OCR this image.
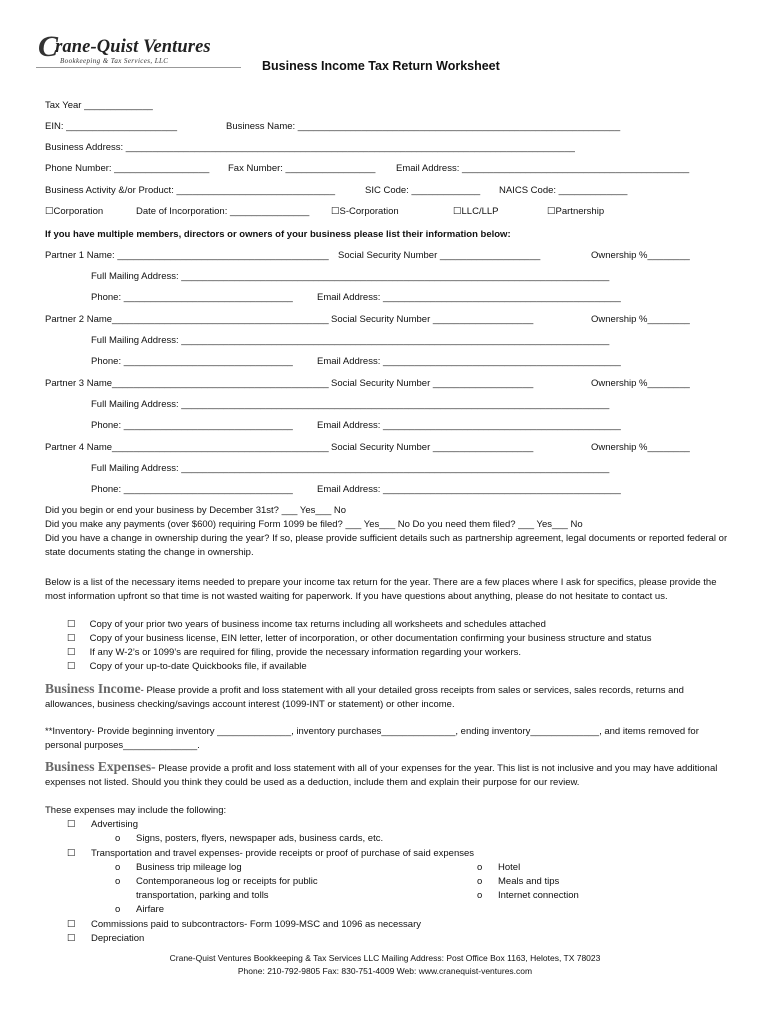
Crane-Quist Ventures
Bookkeeping & Tax Services, LLC	Business Income Tax Return Worksheet
Tax Year _____________
EIN: _____________________	Business Name: _____________________________________________________________
Business Address: _____________________________________________________________________________________
Phone Number: __________________ Fax Number: _________________ Email Address: ___________________________________________
Business Activity &/or Product: ______________________________	SIC Code: _____________ NAICS Code: _____________
☐Corporation	Date of Incorporation: _______________ ☐S-Corporation	☐LLC/LLP	☐Partnership
If you have multiple members, directors or owners of your business please list their information below:
Partner 1 Name: ________________________________________ Social Security Number ___________________	Ownership %________
Full Mailing Address: _________________________________________________________________________________
Phone: ________________________________	Email Address: _____________________________________________
Partner 2 Name_________________________________________ Social Security Number ___________________	Ownership %________
Full Mailing Address: _________________________________________________________________________________
Phone: ________________________________	Email Address: _____________________________________________
Partner 3 Name_________________________________________ Social Security Number ___________________	Ownership %________
Full Mailing Address: _________________________________________________________________________________
Phone: ________________________________	Email Address: _____________________________________________
Partner 4 Name_________________________________________ Social Security Number ___________________	Ownership %________
Full Mailing Address: _________________________________________________________________________________
Phone: ________________________________	Email Address: _____________________________________________
Did you begin or end your business by December 31st? ___ Yes___ No
Did you make any payments (over $600) requiring Form 1099 be filed? ___ Yes___ No Do you need them filed? ___ Yes___ No
Did you have a change in ownership during the year? If so, please provide sufficient details such as partnership agreement, legal documents or reported federal or state documents stating the change in ownership.
Below is a list of the necessary items needed to prepare your income tax return for the year. There are a few places where I ask for specifics, please provide the most information upfront so that time is not wasted waiting for paperwork. If you have questions about anything, please do not hesitate to contact us.
☐ Copy of your prior two years of business income tax returns including all worksheets and schedules attached
☐ Copy of your business license, EIN letter, letter of incorporation, or other documentation confirming your business structure and status
☐ If any W-2’s or 1099’s are required for filing, provide the necessary information regarding your workers.
☐ Copy of your up-to-date Quickbooks file, if available
Business Income- Please provide a profit and loss statement with all your detailed gross receipts from sales or services, sales records, returns and allowances, business checking/savings account interest (1099-INT or statement) or other income.
**Inventory- Provide beginning inventory ______________, inventory purchases______________, ending inventory_____________, and items removed for personal purposes______________.
Business Expenses- Please provide a profit and loss statement with all of your expenses for the year. This list is not inclusive and you may have additional expenses not listed. Should you think they could be used as a deduction, include them and explain their purpose for our review.
These expenses may include the following:
☐ Advertising
o Signs, posters, flyers, newspaper ads, business cards, etc.
☐ Transportation and travel expenses- provide receipts or proof of purchase of said expenses
o Business trip mileage log
o Contemporaneous log or receipts for public
transportation, parking and tolls
o Airfare
o Hotel
o Meals and tips
o Internet connection
☐ Commissions paid to subcontractors- Form 1099-MSC and 1096 as necessary
☐ Depreciation
Crane-Quist Ventures Bookkeeping & Tax Services LLC Mailing Address: Post Office Box 1163, Helotes, TX 78023
Phone: 210-792-9805 Fax: 830-751-4009 Web: www.cranequist-ventures.com
